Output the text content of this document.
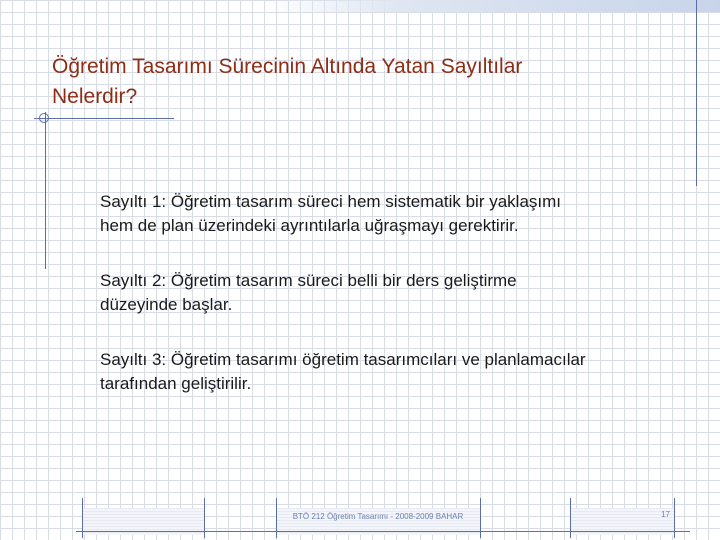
Öğretim Tasarımı Sürecinin Altında Yatan Sayıltılar
Nelerdir?
Sayıltı 1: Öğretim tasarım süreci hem sistematik bir yaklaşımı
hem de plan üzerindeki ayrıntılarla uğraşmayı gerektirir.
Sayıltı 2: Öğretim tasarım süreci belli bir ders geliştirme
düzeyinde başlar.
Sayıltı 3: Öğretim tasarımı öğretim tasarımcıları ve planlamacılar
tarafından geliştirilir.
BTÖ 212 Öğretim Tasarımı - 2008-2009 BAHAR	17
